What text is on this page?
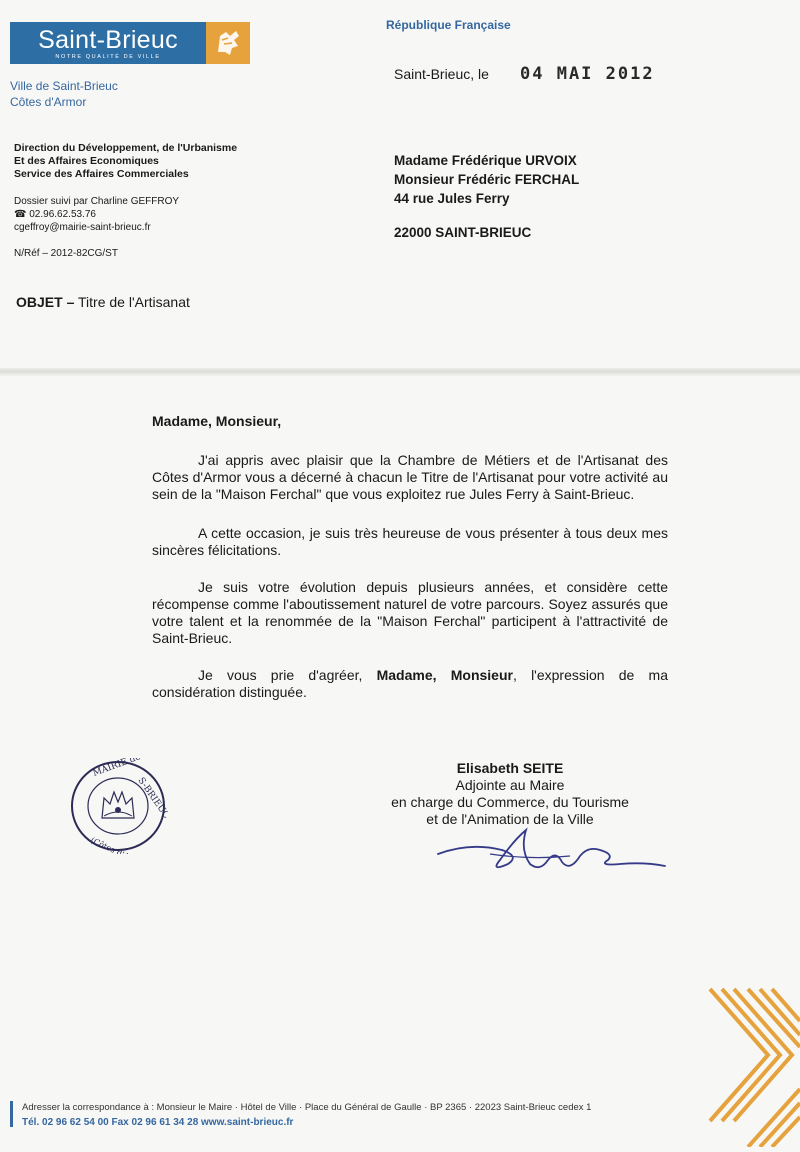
Saint-Brieuc
NOTRE QUALITÉ DE VILLE
République Française
Ville de Saint-Brieuc
Côtes d'Armor
Saint-Brieuc, le 04 MAI 2012
Direction du Développement, de l'Urbanisme
Et des Affaires Economiques
Service des Affaires Commerciales
Dossier suivi par Charline GEFFROY
☎ 02.96.62.53.76
cgeffroy@mairie-saint-brieuc.fr
N/Réf – 2012-82CG/ST
Madame Frédérique URVOIX
Monsieur Frédéric FERCHAL
44 rue Jules Ferry
22000 SAINT-BRIEUC
OBJET – Titre de l'Artisanat
Madame, Monsieur,
J'ai appris avec plaisir que la Chambre de Métiers et de l'Artisanat des Côtes d'Armor vous a décerné à chacun le Titre de l'Artisanat pour votre activité au sein de la "Maison Ferchal" que vous exploitez rue Jules Ferry à Saint-Brieuc.
A cette occasion, je suis très heureuse de vous présenter à tous deux mes sincères félicitations.
Je suis votre évolution depuis plusieurs années, et considère cette récompense comme l'aboutissement naturel de votre parcours. Soyez assurés que votre talent et la renommée de la "Maison Ferchal" participent à l'attractivité de Saint-Brieuc.
Je vous prie d'agréer, Madame, Monsieur, l'expression de ma considération distinguée.
MAIRIE de
S-BRIEUC
(Côtes d'Armor)
Elisabeth SEITE
Adjointe au Maire
en charge du Commerce, du Tourisme
et de l'Animation de la Ville
Adresser la correspondance à : Monsieur le Maire · Hôtel de Ville · Place du Général de Gaulle · BP 2365 · 22023 Saint-Brieuc cedex 1
Tél. 02 96 62 54 00 Fax 02 96 61 34 28 www.saint-brieuc.fr
